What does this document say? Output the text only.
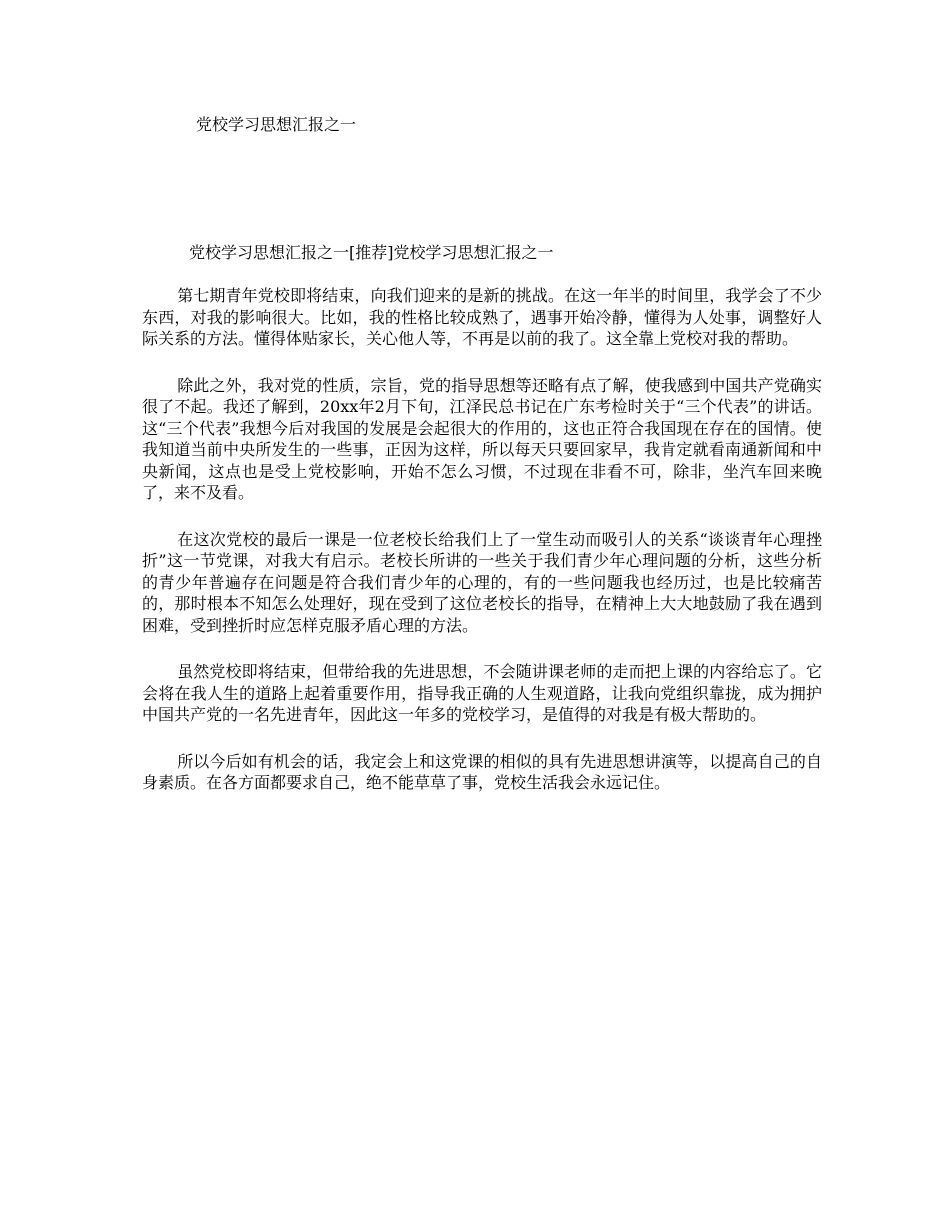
党校学习思想汇报之一
党校学习思想汇报之一[推荐]党校学习思想汇报之一

第七期青年党校即将结束，向我们迎来的是新的挑战。在这一年半的时间里，我学会了不少东西，对我的影响很大。比如，我的性格比较成熟了，遇事开始冷静，懂得为人处事，调整好人际关系的方法。懂得体贴家长，关心他人等，不再是以前的我了。这全靠上党校对我的帮助。

除此之外，我对党的性质，宗旨，党的指导思想等还略有点了解，使我感到中国共产党确实很了不起。我还了解到，20xx年2月下旬，江泽民总书记在广东考检时关于“三个代表”的讲话。这“三个代表”我想今后对我国的发展是会起很大的作用的，这也正符合我国现在存在的国情。使我知道当前中央所发生的一些事，正因为这样，所以每天只要回家早，我肯定就看南通新闻和中央新闻，这点也是受上党校影响，开始不怎么习惯，不过现在非看不可，除非，坐汽车回来晚了，来不及看。

在这次党校的最后一课是一位老校长给我们上了一堂生动而吸引人的关系“谈谈青年心理挫折”这一节党课，对我大有启示。老校长所讲的一些关于我们青少年心理问题的分析，这些分析的青少年普遍存在问题是符合我们青少年的心理的，有的一些问题我也经历过，也是比较痛苦的，那时根本不知怎么处理好，现在受到了这位老校长的指导，在精神上大大地鼓励了我在遇到困难，受到挫折时应怎样克服矛盾心理的方法。

虽然党校即将结束，但带给我的先进思想，不会随讲课老师的走而把上课的内容给忘了。它会将在我人生的道路上起着重要作用，指导我正确的人生观道路，让我向党组织靠拢，成为拥护中国共产党的一名先进青年，因此这一年多的党校学习，是值得的对我是有极大帮助的。

所以今后如有机会的话，我定会上和这党课的相似的具有先进思想讲演等，以提高自己的自身素质。在各方面都要求自己，绝不能草草了事，党校生活我会永远记住。
